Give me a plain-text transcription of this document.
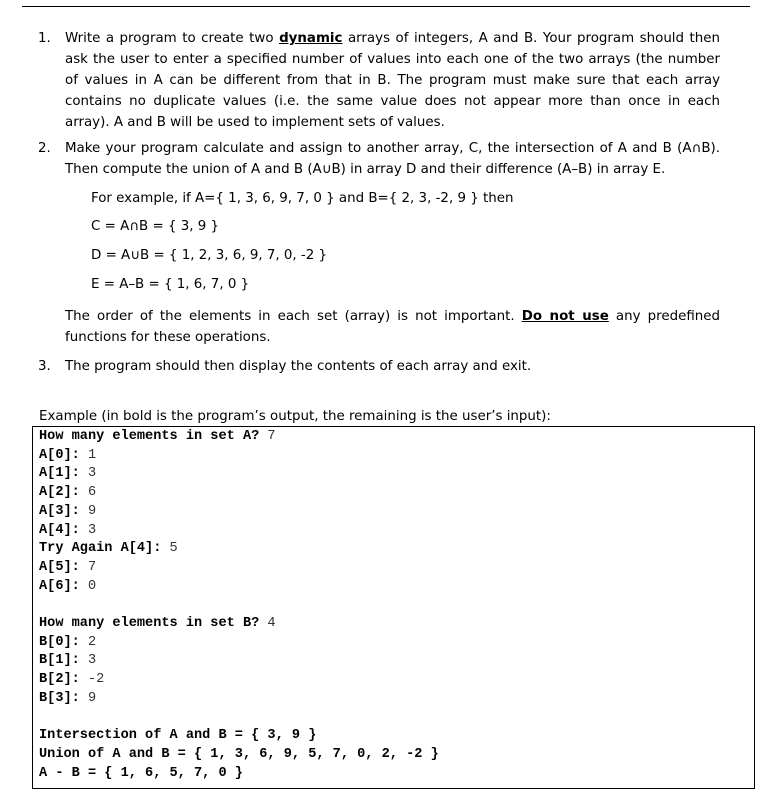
1. Write a program to create two dynamic arrays of integers, A and B. Your program should then ask the user to enter a specified number of values into each one of the two arrays (the number of values in A can be different from that in B. The program must make sure that each array contains no duplicate values (i.e. the same value does not appear more than once in each array). A and B will be used to implement sets of values.
2. Make your program calculate and assign to another array, C, the intersection of A and B (A∩B). Then compute the union of A and B (A∪B) in array D and their difference (A–B) in array E.
For example, if A={ 1, 3, 6, 9, 7, 0 } and B={ 2, 3, -2, 9 } then
C = A∩B = { 3, 9 }
D = A∪B = { 1, 2, 3, 6, 9, 7, 0, -2 }
E = A–B = { 1, 6, 7, 0 }
The order of the elements in each set (array) is not important. Do not use any predefined functions for these operations.
3. The program should then display the contents of each array and exit.
Example (in bold is the program’s output, the remaining is the user’s input):
How many elements in set A? 7
A[0]: 1
A[1]: 3
A[2]: 6
A[3]: 9
A[4]: 3
Try Again A[4]: 5
A[5]: 7
A[6]: 0
How many elements in set B? 4
B[0]: 2
B[1]: 3
B[2]: -2
B[3]: 9
Intersection of A and B = { 3, 9 }
Union of A and B = { 1, 3, 6, 9, 5, 7, 0, 2, -2 }
A - B = { 1, 6, 5, 7, 0 }
